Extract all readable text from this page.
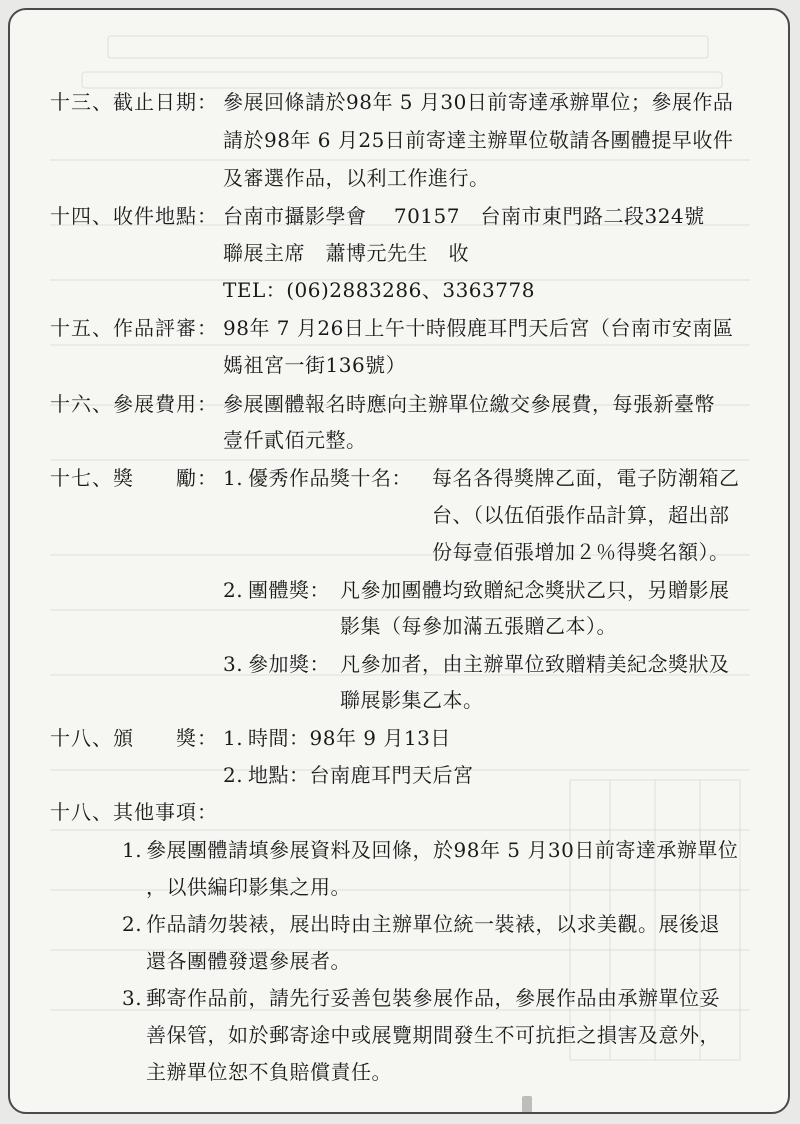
十三、截止日期： 參展回條請於98年 5 月30日前寄達承辦單位；參展作品
請於98年 6 月25日前寄達主辦單位敬請各團體提早收件
及審選作品，以利工作進行。
十四、收件地點： 台南市攝影學會　 70157　台南市東門路二段324號
聯展主席　蕭博元先生　收
TEL：(06)2883286、3363778
十五、作品評審： 98年 7 月26日上午十時假鹿耳門天后宮（台南市安南區
媽祖宮一街136號）
十六、參展費用： 參展團體報名時應向主辦單位繳交參展費，每張新臺幣
壹仟貳佰元整。
十七、獎　　勵： 1. 優秀作品獎十名： 每名各得獎牌乙面，電子防潮箱乙
台、（以伍佰張作品計算，超出部
份每壹佰張增加２％得獎名額）。
2. 團體獎： 凡參加團體均致贈紀念獎狀乙只，另贈影展
影集（每參加滿五張贈乙本）。
3. 參加獎： 凡參加者，由主辦單位致贈精美紀念獎狀及
聯展影集乙本。
十八、頒　　獎： 1. 時間：98年 9 月13日
2. 地點：台南鹿耳門天后宮
十八、其他事項：
1. 參展團體請填參展資料及回條，於98年 5 月30日前寄達承辦單位
，以供編印影集之用。
2. 作品請勿裝裱，展出時由主辦單位統一裝裱，以求美觀。展後退
還各團體發還參展者。
3. 郵寄作品前，請先行妥善包裝參展作品，參展作品由承辦單位妥
善保管，如於郵寄途中或展覽期間發生不可抗拒之損害及意外，
主辦單位恕不負賠償責任。
